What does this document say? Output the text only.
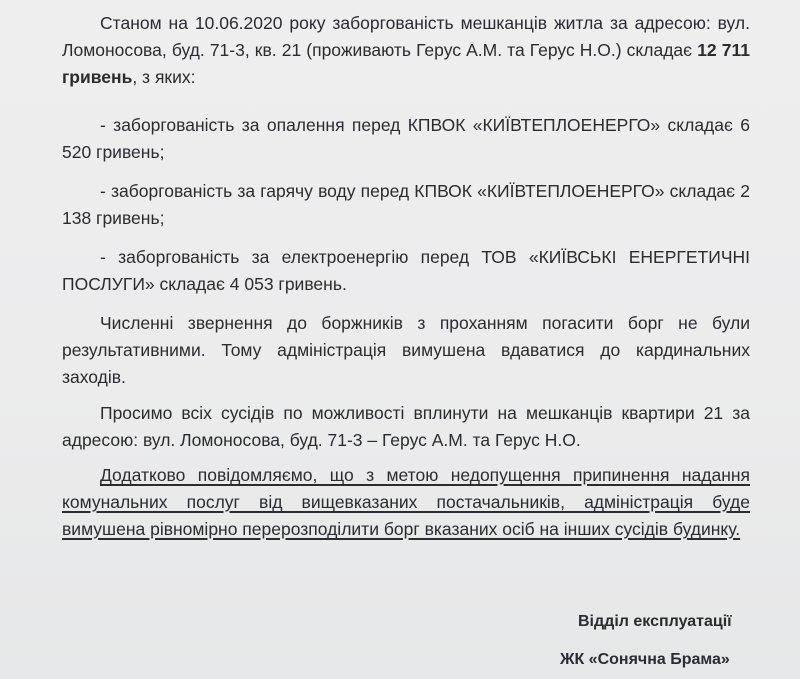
Станом на 10.06.2020 року заборгованість мешканців житла за адресою: вул. Ломоносова, буд. 71-3, кв. 21 (проживають Герус А.М. та Герус Н.О.) складає 12 711 гривень, з яких:

- заборгованість за опалення перед КПВОК «КИЇВТЕПЛОЕНЕРГО» складає 6 520 гривень;

- заборгованість за гарячу воду перед КПВОК «КИЇВТЕПЛОЕНЕРГО» складає 2 138 гривень;

- заборгованість за електроенергію перед ТОВ «КИЇВСЬКІ ЕНЕРГЕТИЧНІ ПОСЛУГИ» складає 4 053 гривень.

Численні звернення до боржників з проханням погасити борг не були результативними. Тому адміністрація вимушена вдаватися до кардинальних заходів.

Просимо всіх сусідів по можливості вплинути на мешканців квартири 21 за адресою: вул. Ломоносова, буд. 71-3 – Герус А.М. та Герус Н.О.

Додатково повідомляємо, що з метою недопущення припинення надання комунальних послуг від вищевказаних постачальників, адміністрація буде вимушена рівномірно перерозподілити борг вказаних осіб на інших сусідів будинку.

Відділ експлуатації
ЖК «Сонячна Брама»
